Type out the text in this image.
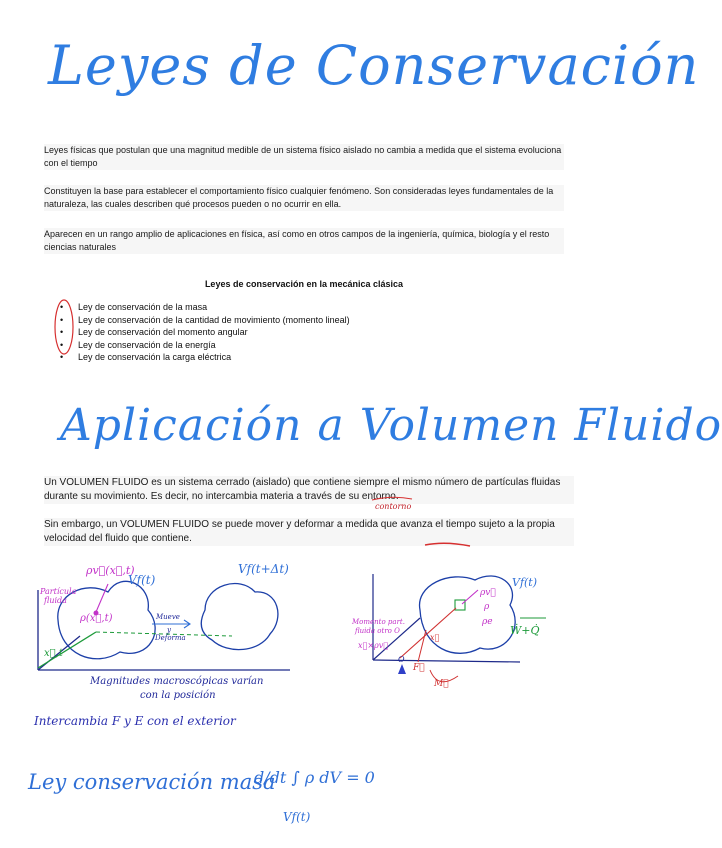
Leyes de Conservación
Leyes físicas que postulan que una magnitud medible de un sistema físico aislado no cambia a medida que el sistema evoluciona con el tiempo
Constituyen la base para establecer el comportamiento físico cualquier fenómeno. Son consideradas leyes fundamentales de la naturaleza, las cuales describen qué procesos pueden o no ocurrir en ella.
Aparecen en un rango amplio de aplicaciones en física, así como en otros campos de la ingeniería, química, biología y el resto ciencias naturales
Leyes de conservación en la mecánica clásica
• Ley de conservación de la masa
• Ley de conservación de la cantidad de movimiento (momento lineal)
• Ley de conservación del momento angular
• Ley de conservación de la energía
• Ley de conservación la carga eléctrica
Aplicación a Volumen Fluido
Un VOLUMEN FLUIDO es un sistema cerrado (aislado) que contiene siempre el mismo número de partículas fluidas durante su movimiento. Es decir, no intercambia materia a través de su entorno.
contorno
Sin embargo, un VOLUMEN FLUIDO se puede mover y deformar a medida que avanza el tiempo sujeto a la propia velocidad del fluido que contiene.
Partícula
fluida
ρv⃗(x⃗,t)
Vf(t)
Vf(t+Δt)
ρ(x⃗,t)	Mueve
y
Deforma
x⃗,t
Magnitudes macroscópicas varían
con la posición
Vf(t)
ρv⃗
ρ
ρe
Momento part.
fluida otro O
x⃗×ρv⃗
x⃗
O
F⃗
M⃗
Ẇ+Q̇
Intercambia F y E con el exterior
Ley conservación masa
d/dt ∫ ρ dV = 0
Vf(t)
